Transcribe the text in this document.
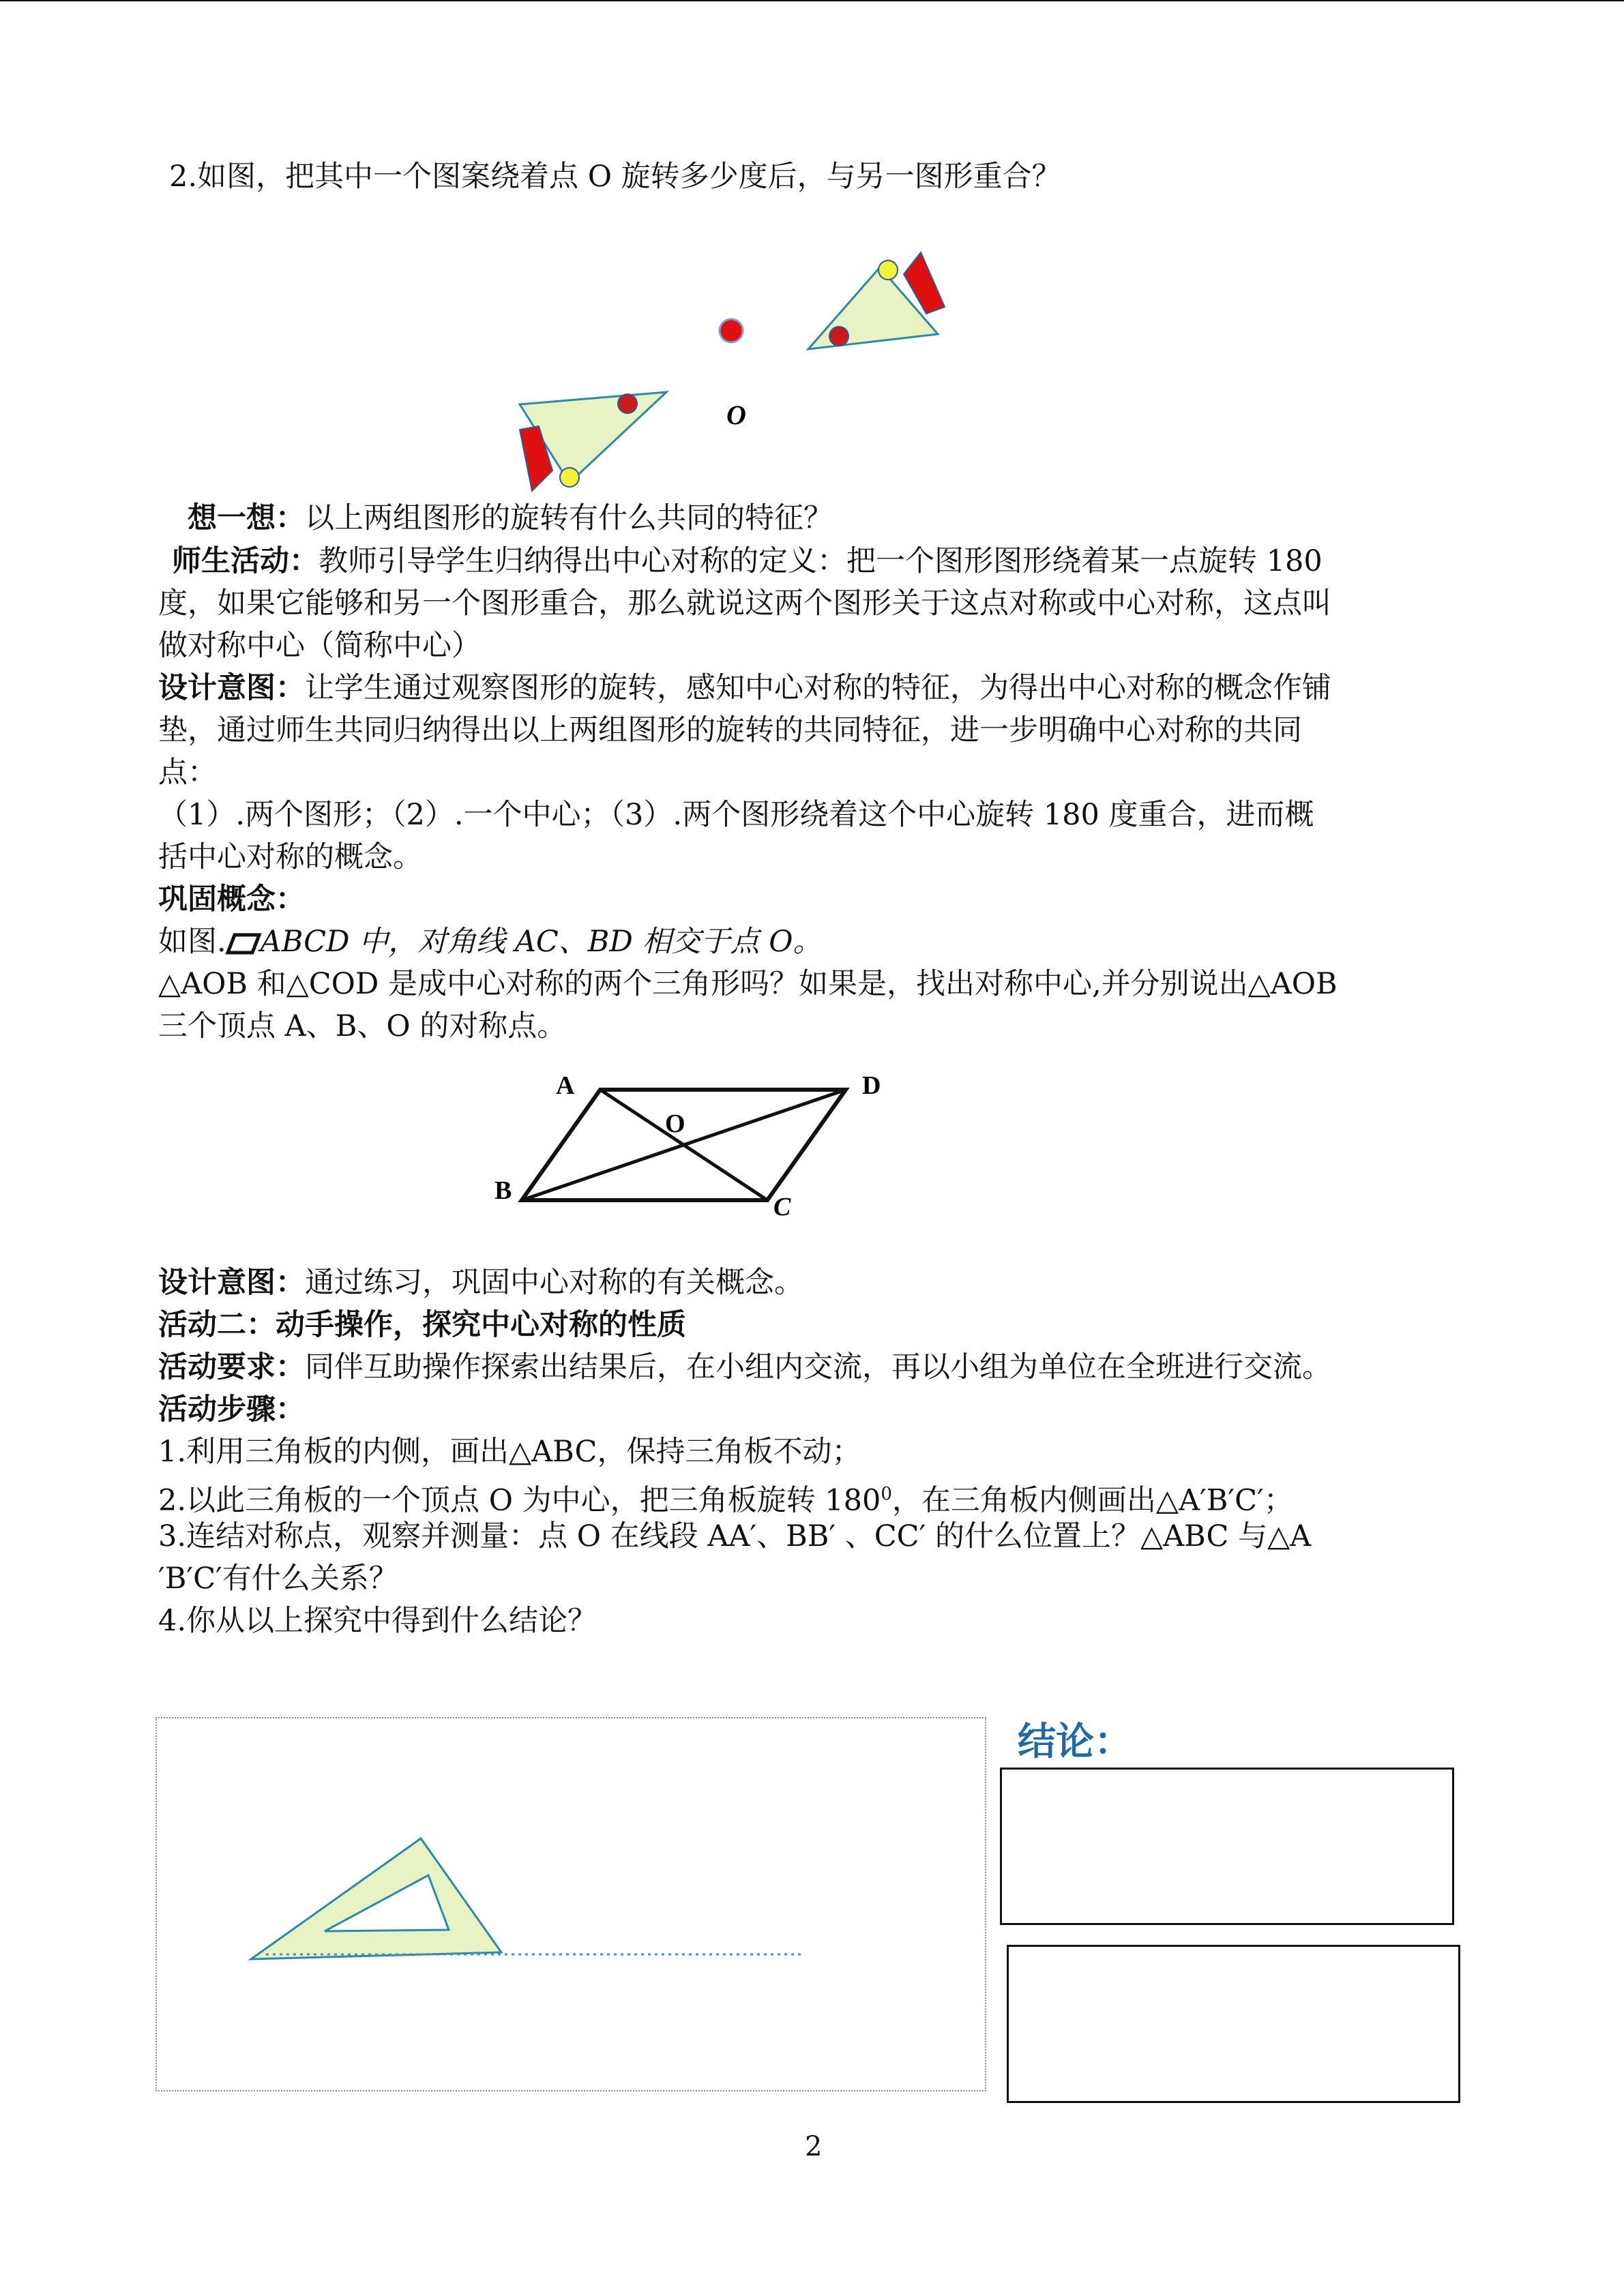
2.如图，把其中一个图案绕着点 O 旋转多少度后，与另一图形重合？
O
想一想：以上两组图形的旋转有什么共同的特征？
师生活动：教师引导学生归纳得出中心对称的定义：把一个图形图形绕着某一点旋转 180
度，如果它能够和另一个图形重合，那么就说这两个图形关于这点对称或中心对称，这点叫
做对称中心（简称中心）
设计意图：让学生通过观察图形的旋转，感知中心对称的特征，为得出中心对称的概念作铺
垫，通过师生共同归纳得出以上两组图形的旋转的共同特征，进一步明确中心对称的共同
点：
（1）.两个图形；（2）.一个中心；（3）.两个图形绕着这个中心旋转 180 度重合，进而概
括中心对称的概念。
巩固概念：
如图. ABCD 中，对角线 AC、BD 相交于点 O。
△AOB 和△COD 是成中心对称的两个三角形吗？如果是，找出对称中心,并分别说出△AOB
三个顶点 A、B、O 的对称点。
A	D
O
B
C
设计意图：通过练习，巩固中心对称的有关概念。
活动二：动手操作，探究中心对称的性质
活动要求：同伴互助操作探索出结果后，在小组内交流，再以小组为单位在全班进行交流。
活动步骤：
1.利用三角板的内侧，画出△ABC，保持三角板不动；
2.以此三角板的一个顶点 O 为中心，把三角板旋转 $180^0$，在三角板内侧画出△A′B′C′；
3.连结对称点，观察并测量：点 O 在线段 AA′、BB′ 、CC′ 的什么位置上？△ABC 与△A
′B′C′有什么关系？
4.你从以上探究中得到什么结论？
结论：
2
